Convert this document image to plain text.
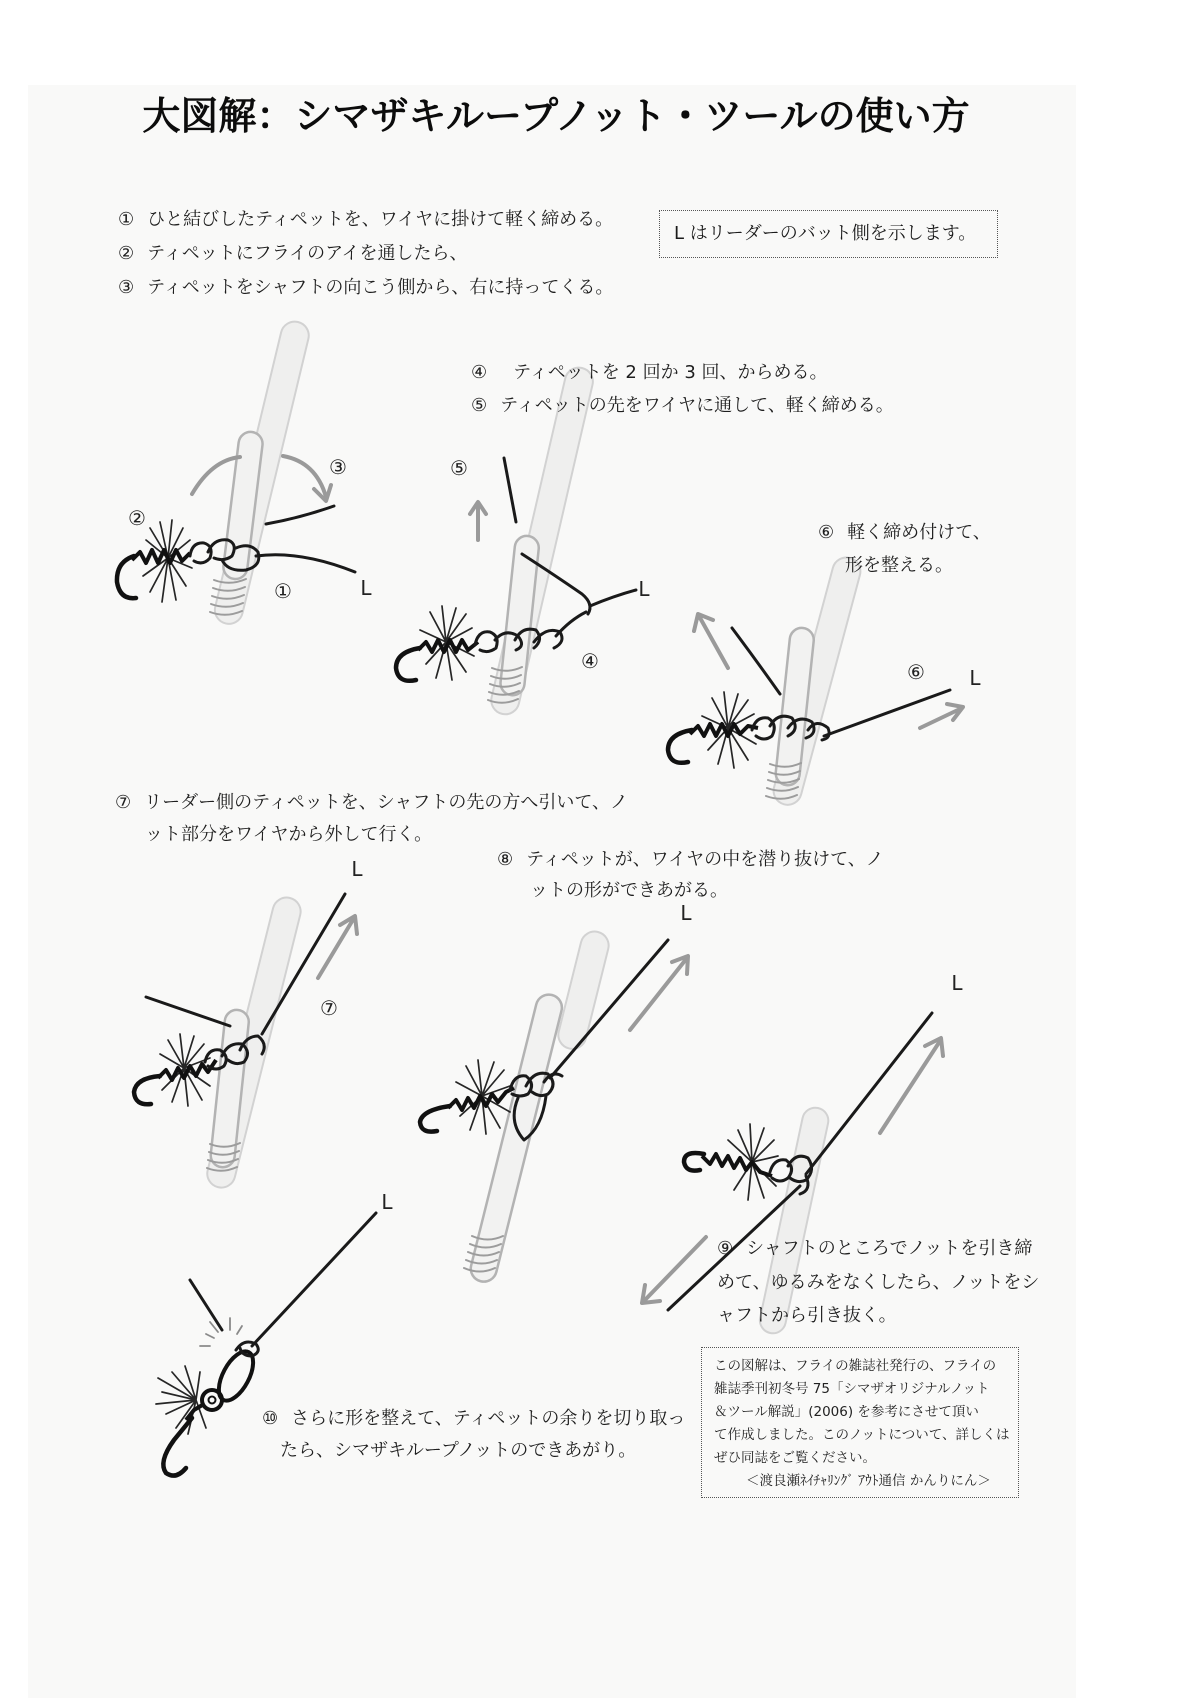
③
②
①	L
⑤
L
④	⑥ L
L
⑦
L
L
L
大図解：シマザキループノット・ツールの使い方
① ひと結びしたティペットを、ワイヤに掛けて軽く締める。
② ティペットにフライのアイを通したら、
③ ティペットをシャフトの向こう側から、右に持ってくる。
L はリーダーのバット側を示します。
④ ティペットを 2 回か 3 回、からめる。
⑤ ティペットの先をワイヤに通して、軽く締める。
⑥ 軽く締め付けて、
形を整える。
⑦ リーダー側のティペットを、シャフトの先の方へ引いて、ノ
ット部分をワイヤから外して行く。
⑧ ティペットが、ワイヤの中を潜り抜けて、ノ
ットの形ができあがる。
⑨ シャフトのところでノットを引き締
めて、ゆるみをなくしたら、ノットをシ
ャフトから引き抜く。
⑩ さらに形を整えて、ティペットの余りを切り取っ
たら、シマザキループノットのできあがり。
この図解は、フライの雑誌社発行の、フライの
雑誌季刊初冬号 75「シマザオリジナルノット
＆ツール解説」(2006) を参考にさせて頂い
て作成しました。このノットについて、詳しくは
ぜひ同誌をご覧ください。
＜渡良瀬ﾈｲﾁｬﾘﾝｸﾞ ｱｳﾄ通信 かんりにん＞
